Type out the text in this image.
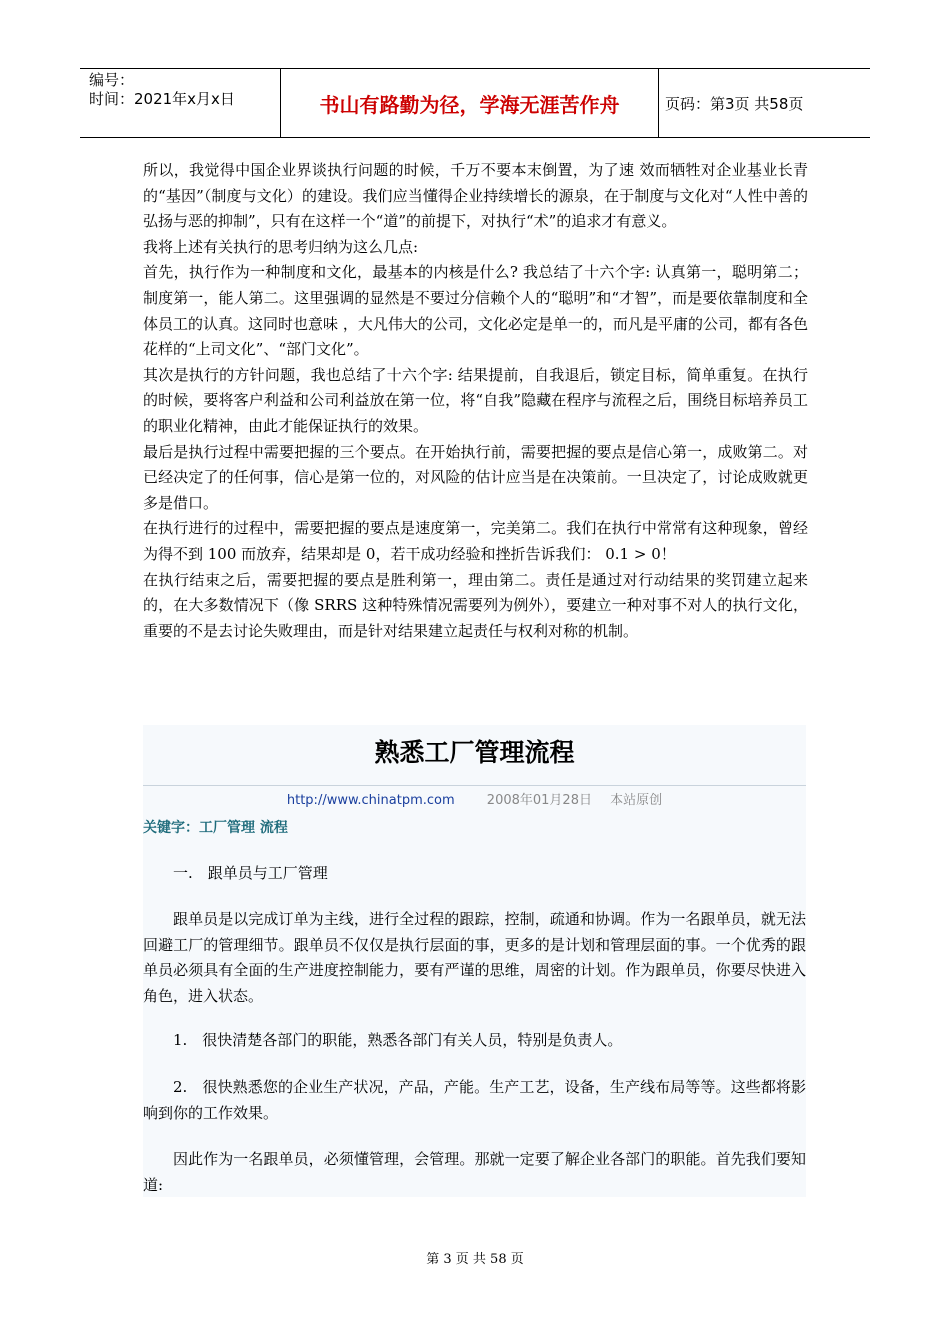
编号：
时间：2021年x月x日	书山有路勤为径，学海无涯苦作舟	页码：第3页 共58页

所以，我觉得中国企业界谈执行问题的时候，千万不要本末倒置，为了速 效而牺牲对企业基业长青的“基因”（制度与文化）的建设。我们应当懂得企业持续增长的源泉，在于制度与文化对“人性中善的弘扬与恶的抑制”，只有在这样一个“道”的前提下，对执行“术”的追求才有意义。

我将上述有关执行的思考归纳为这么几点:

首先，执行作为一种制度和文化，最基本的内核是什么? 我总结了十六个字: 认真第一，聪明第二；制度第一，能人第二。这里强调的显然是不要过分信赖个人的“聪明”和“才智”，而是要依靠制度和全体员工的认真。这同时也意味 ，大凡伟大的公司，文化必定是单一的，而凡是平庸的公司，都有各色花样的“上司文化”、“部门文化”。

其次是执行的方针问题，我也总结了十六个字: 结果提前，自我退后，锁定目标，简单重复。在执行的时候，要将客户利益和公司利益放在第一位，将“自我”隐藏在程序与流程之后，围绕目标培养员工的职业化精神，由此才能保证执行的效果。

最后是执行过程中需要把握的三个要点。在开始执行前，需要把握的要点是信心第一，成败第二。对已经决定了的任何事，信心是第一位的，对风险的估计应当是在决策前。一旦决定了，讨论成败就更多是借口。

在执行进行的过程中，需要把握的要点是速度第一，完美第二。我们在执行中常常有这种现象，曾经为得不到 100 而放弃，结果却是 0，若干成功经验和挫折告诉我们： 0.1 > 0！

在执行结束之后，需要把握的要点是胜利第一，理由第二。责任是通过对行动结果的奖罚建立起来的，在大多数情况下（像 SRRS 这种特殊情况需要列为例外），要建立一种对事不对人的执行文化，重要的不是去讨论失败理由，而是针对结果建立起责任与权利对称的机制。

熟悉工厂管理流程
http://www.chinatpm.com 2008年01月28日 本站原创
关键字：工厂管理 流程
一.　跟单员与工厂管理
跟单员是以完成订单为主线，进行全过程的跟踪，控制，疏通和协调。作为一名跟单员，就无法回避工厂的管理细节。跟单员不仅仅是执行层面的事，更多的是计划和管理层面的事。一个优秀的跟单员必须具有全面的生产进度控制能力，要有严谨的思维，周密的计划。作为跟单员，你要尽快进入角色，进入状态。
1.　很快清楚各部门的职能，熟悉各部门有关人员，特别是负责人。
2.　很快熟悉您的企业生产状况，产品，产能。生产工艺，设备，生产线布局等等。这些都将影响到你的工作效果。
因此作为一名跟单员，必须懂管理，会管理。那就一定要了解企业各部门的职能。首先我们要知道:
第 3 页 共 58 页
